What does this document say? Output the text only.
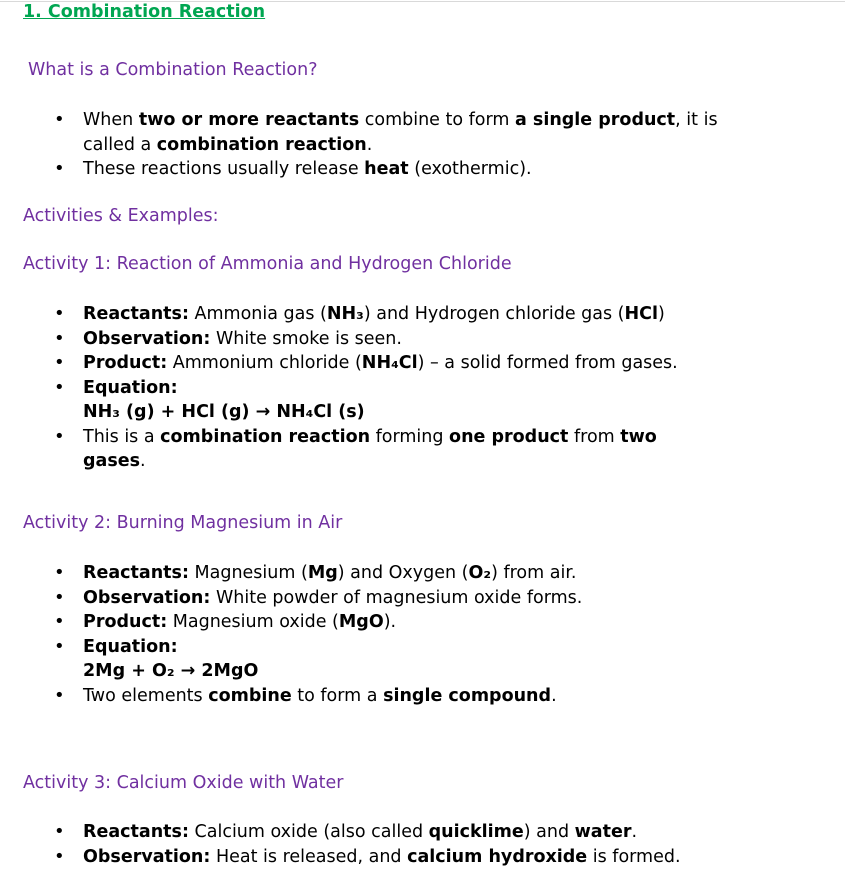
1. Combination Reaction
What is a Combination Reaction?
• When two or more reactants combine to form a single product, it is called a combination reaction.
• These reactions usually release heat (exothermic).
Activities & Examples:
Activity 1: Reaction of Ammonia and Hydrogen Chloride
• Reactants: Ammonia gas (NH₃) and Hydrogen chloride gas (HCl)
• Observation: White smoke is seen.
• Product: Ammonium chloride (NH₄Cl) – a solid formed from gases.
• Equation:
NH₃ (g) + HCl (g) → NH₄Cl (s)
• This is a combination reaction forming one product from two gases.
Activity 2: Burning Magnesium in Air
• Reactants: Magnesium (Mg) and Oxygen (O₂) from air.
• Observation: White powder of magnesium oxide forms.
• Product: Magnesium oxide (MgO).
• Equation:
2Mg + O₂ → 2MgO
• Two elements combine to form a single compound.
Activity 3: Calcium Oxide with Water
• Reactants: Calcium oxide (also called quicklime) and water.
• Observation: Heat is released, and calcium hydroxide is formed.
